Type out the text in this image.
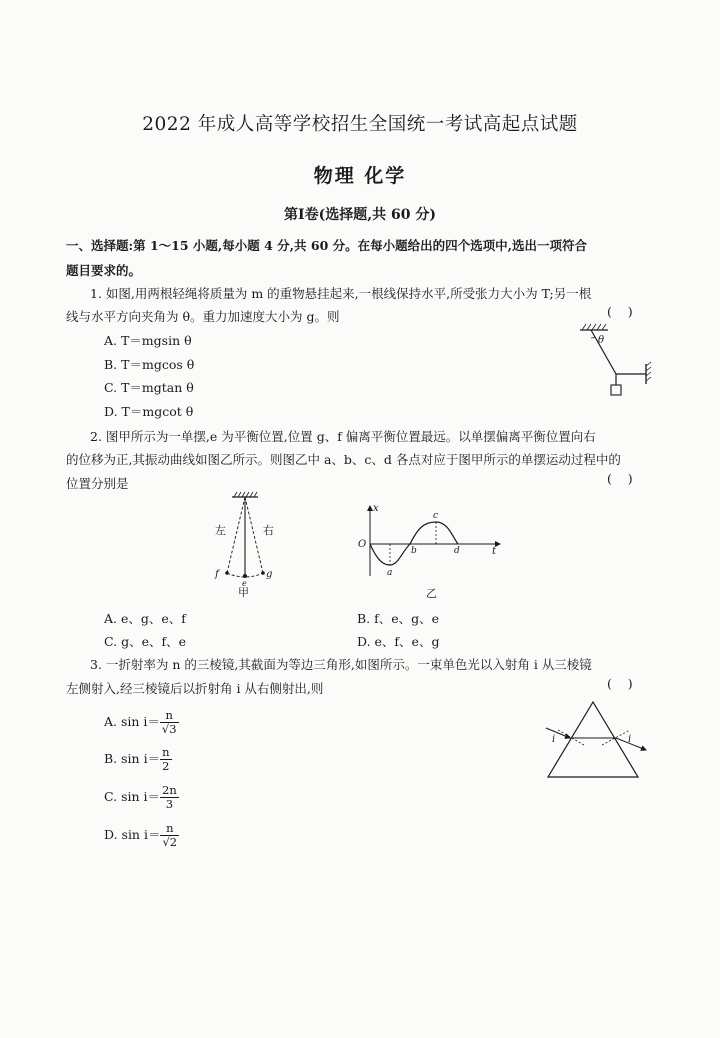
2022 年成人高等学校招生全国统一考试高起点试题
物理 化学
第Ⅰ卷(选择题,共 60 分)
一、选择题:第 1～15 小题,每小题 4 分,共 60 分。在每小题给出的四个选项中,选出一项符合
题目要求的。
1. 如图,用两根轻绳将质量为 m 的重物悬挂起来,一根线保持水平,所受张力大小为 T;另一根
线与水平方向夹角为 θ。重力加速度大小为 g。则	(    )
A. T＝mgsin θ
B. T＝mgcos θ
C. T＝mgtan θ
D. T＝mgcot θ
θ
2. 图甲所示为一单摆,e 为平衡位置,位置 g、f 偏离平衡位置最远。以单摆偏离平衡位置向右
的位移为正,其振动曲线如图乙所示。则图乙中 a、b、c、d 各点对应于图甲所示的单摆运动过程中的
位置分别是	(    )
左	右
f	g
e
甲
x
t
O
a
b
c
d
乙
A. e、g、e、f	B. f、e、g、e
C. g、e、f、e	D. e、f、e、g
3. 一折射率为 n 的三棱镜,其截面为等边三角形,如图所示。一束单色光以入射角 i 从三棱镜
左侧射入,经三棱镜后以折射角 i 从右侧射出,则	(    )
A. $\sin i= \frac{n}{√3}$
B. $\sin i= \frac{n}{2}$
C. $\sin i= \frac{2n}{3}$
D. $\sin i= \frac{n}{√2}$
i	i
